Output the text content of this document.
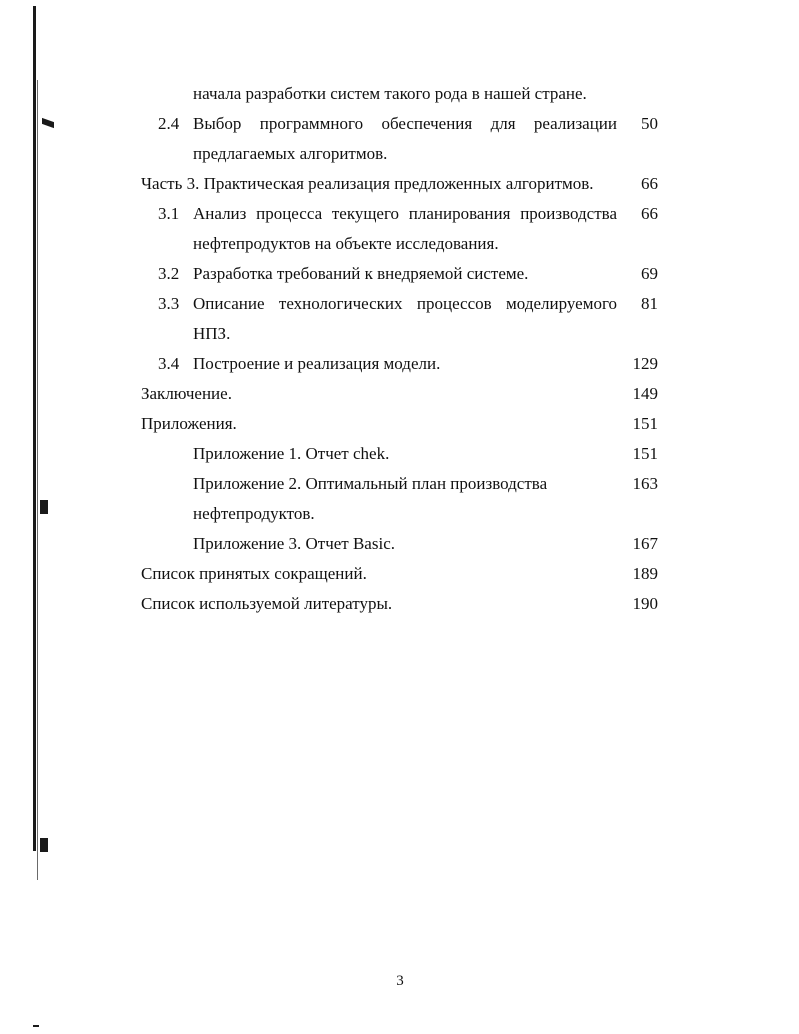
начала разработки систем такого рода в нашей стране.
2.4 Выбор программного обеспечения для реализации	50
предлагаемых алгоритмов.
Часть 3. Практическая реализация предложенных алгоритмов.	66
3.1 Анализ процесса текущего планирования производства	66
нефтепродуктов на объекте исследования.
3.2 Разработка требований к внедряемой системе.	69
3.3 Описание технологических процессов моделируемого	81
НПЗ.
3.4 Построение и реализация модели.	129
Заключение.	149
Приложения.	151
Приложение 1. Отчет chek.	151
Приложение 2. Оптимальный план производства	163
нефтепродуктов.
Приложение 3. Отчет Basic.	167
Список принятых сокращений.	189
Список используемой литературы.	190
3
